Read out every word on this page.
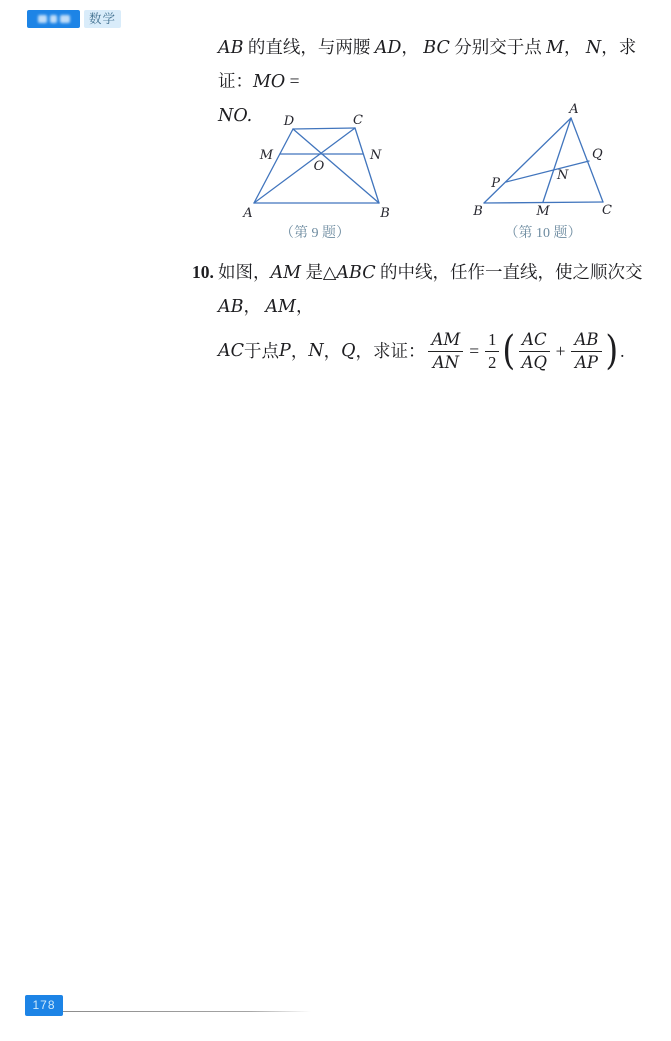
数学
AB 的直线，与两腰 AD， BC 分别交于点 M， N，求证：MO =
NO.
A	B
C
D
M	N
O
（第 9 题）
A
B	C
M
P
N
Q
（第 10 题）
10. 如图，AM 是△ABC 的中线，任作一直线，使之顺次交 AB， AM，
AC 于点 P ， N ， Q ，求证： $\frac{AM}{AN} = \frac{1}{2}$ ( $\frac{AC}{AQ} + \frac{AB}{AP}$ ) .
178
